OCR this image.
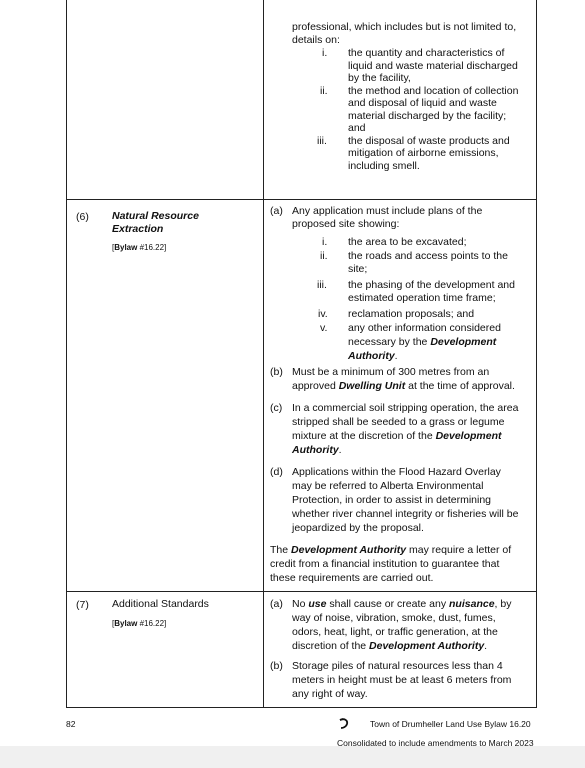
professional, which includes but is not limited to,
details on:
i. the quantity and characteristics of
liquid and waste material discharged
by the facility,
ii. the method and location of collection
and disposal of liquid and waste
material discharged by the facility;
and
iii. the disposal of waste products and
mitigation of airborne emissions,
including smell.
(6) Natural Resource
Extraction
[Bylaw #16.22]
(a) Any application must include plans of the
proposed site showing:
i. the area to be excavated;
ii. the roads and access points to the
site;
iii. the phasing of the development and
estimated operation time frame;
iv. reclamation proposals; and
v. any other information considered
necessary by the Development
Authority.
(b) Must be a minimum of 300 metres from an
approved Dwelling Unit at the time of approval.
(c) In a commercial soil stripping operation, the area
stripped shall be seeded to a grass or legume
mixture at the discretion of the Development
Authority.
(d) Applications within the Flood Hazard Overlay
may be referred to Alberta Environmental
Protection, in order to assist in determining
whether river channel integrity or fisheries will be
jeopardized by the proposal.
The Development Authority may require a letter of
credit from a financial institution to guarantee that
these requirements are carried out.
(7) Additional Standards
[Bylaw #16.22]
(a) No use shall cause or create any nuisance, by
way of noise, vibration, smoke, dust, fumes,
odors, heat, light, or traffic generation, at the
discretion of the Development Authority.
(b) Storage piles of natural resources less than 4
meters in height must be at least 6 meters from
any right of way.
82	Town of Drumheller Land Use Bylaw 16.20
Consolidated to include amendments to March 2023
